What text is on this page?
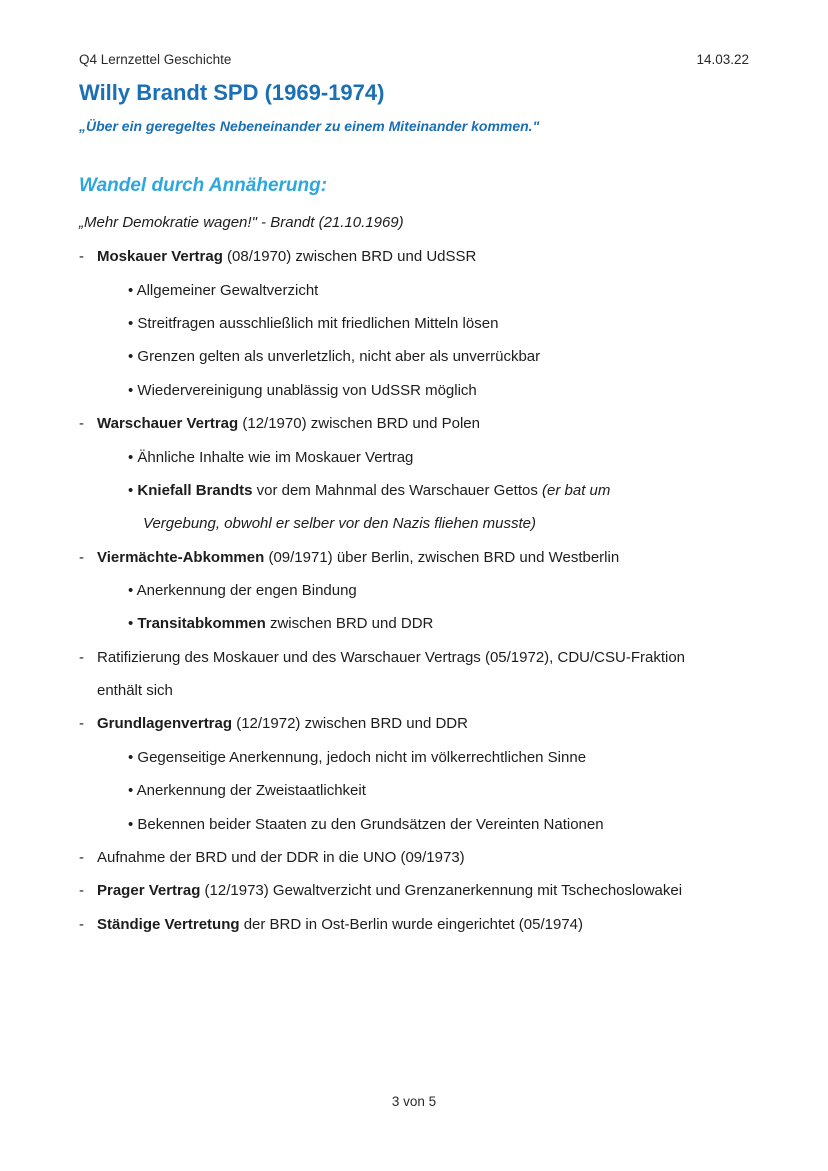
Q4 Lernzettel Geschichte	14.03.22
Willy Brandt SPD (1969-1974)
„Über ein geregeltes Nebeneinander zu einem Miteinander kommen."
Wandel durch Annäherung:
„Mehr Demokratie wagen!" - Brandt (21.10.1969)
- Moskauer Vertrag (08/1970) zwischen BRD und UdSSR
• Allgemeiner Gewaltverzicht
• Streitfragen ausschließlich mit friedlichen Mitteln lösen
• Grenzen gelten als unverletzlich, nicht aber als unverrückbar
• Wiedervereinigung unablässig von UdSSR möglich
- Warschauer Vertrag (12/1970) zwischen BRD und Polen
• Ähnliche Inhalte wie im Moskauer Vertrag
• Kniefall Brandts vor dem Mahnmal des Warschauer Gettos (er bat um
Vergebung, obwohl er selber vor den Nazis fliehen musste)
- Viermächte-Abkommen (09/1971) über Berlin, zwischen BRD und Westberlin
• Anerkennung der engen Bindung
• Transitabkommen zwischen BRD und DDR
- Ratifizierung des Moskauer und des Warschauer Vertrags (05/1972), CDU/CSU-Fraktion
enthält sich
- Grundlagenvertrag (12/1972) zwischen BRD und DDR
• Gegenseitige Anerkennung, jedoch nicht im völkerrechtlichen Sinne
• Anerkennung der Zweistaatlichkeit
• Bekennen beider Staaten zu den Grundsätzen der Vereinten Nationen
- Aufnahme der BRD und der DDR in die UNO (09/1973)
- Prager Vertrag (12/1973) Gewaltverzicht und Grenzanerkennung mit Tschechoslowakei
- Ständige Vertretung der BRD in Ost-Berlin wurde eingerichtet (05/1974)
3 von 5
